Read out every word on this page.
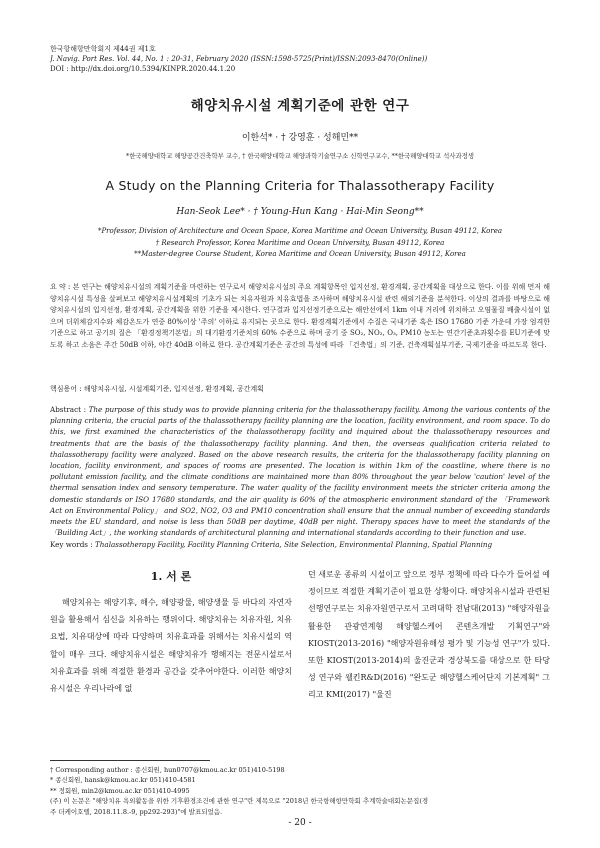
한국항해항만학회지 제44권 제1호
J. Navig. Port Res. Vol. 44, No. 1 : 20-31, February 2020 (ISSN:1598-5725(Print)/ISSN:2093-8470(Online))
DOI : http://dx.doi.org/10.5394/KINPR.2020.44.1.20
해양치유시설 계획기준에 관한 연구
이한석* · † 강영훈 · 성해민**
*한국해양대학교 해양공간건축학부 교수, † 한국해양대학교 해양과학기술연구소 신학연구교수, **한국해양대학교 석사과정생
A Study on the Planning Criteria for Thalassotherapy Facility
Han-Seok Lee* · † Young-Hun Kang · Hai-Min Seong**
*Professor, Division of Architecture and Ocean Space, Korea Maritime and Ocean University, Busan 49112, Korea
† Research Professor, Korea Maritime and Ocean University, Busan 49112, Korea
**Master-degree Course Student, Korea Maritime and Ocean University, Busan 49112, Korea
요 약 : 본 연구는 해양치유시설의 계획기준을 마련하는 연구로서 해양치유시설의 주요 계획항목인 입지선정, 환경계획, 공간계획을 대상으로 한다. 이를 위해 먼저 해양치유시설 특성을 살펴보고 해양치유시설계획의 기초가 되는 치유자원과 치유효법을 조사하며 해양치유시설 관련 해외기준을 분석한다. 이상의 결과를 바탕으로 해양치유시설의 입지선정, 환경계획, 공간계획을 위한 기준을 제시한다. 연구결과 입지선정기준으로는 해안선에서 1km 이내 거리에 위치하고 오염물질 배출시설이 없으며 더위체감지수와 체감온도가 연중 80%이상 '주의' 이하로 유지되는 곳으로 한다. 환경계획기준에서 수질은 국내기준 혹은 ISO 17680 기준 가운데 가장 엄격한 기준으로 하고 공기의 질은 「환경정책기본법」의 대기환경기준치의 60% 수준으로 하며 공기 중 SO₂, NO₂, O₃, PM10 농도는 연간기준초과횟수를 EU기준에 맞도록 하고 소음은 주간 50dB 이하, 야간 40dB 이하로 한다. 공간계획기준은 공간의 특성에 따라 「건축법」의 기준, 건축계획설부기준, 국제기준을 따르도록 한다.
핵심용어 : 해양치유시설, 시설계획기준, 입지선정, 환경계획, 공간계획
Abstract : The purpose of this study was to provide planning criteria for the thalassotherapy facility. Among the various contents of the planning criteria, the crucial parts of the thalassotherapy facility planning are the location, facility environment, and room space. To do this, we first examined the characteristics of the thalassotherapy facility and inquired about the thalassotherapy resources and treatments that are the basis of the thalassotherapy facility planning. And then, the overseas qualification criteria related to thalassotherapy facility were analyzed. Based on the above research results, the criteria for the thalassotherapy facility planning on location, facility environment, and spaces of rooms are presented. The location is within 1km of the coastline, where there is no pollutant emission facility, and the climate conditions are maintained more than 80% throughout the year below 'caution' level of the thermal sensation index and sensory temperature. The water quality of the facility environment meets the stricter criteria among the domestic standards or ISO 17680 standards, and the air quality is 60% of the atmospheric environment standard of the 「Framework Act on Environmental Policy」 and SO2, NO2, O3 and PM10 concentration shall ensure that the annual number of exceeding standards meets the EU standard, and noise is less than 50dB per daytime, 40dB per night. Therapy spaces have to meet the standards of the 「Building Act」, the working standards of architectural planning and international standards according to their function and use.
Key words : Thalassotherapy Facility, Facility Planning Criteria, Site Selection, Environmental Planning, Spatial Planning
1. 서 론
해양치유는 해양기후, 해수, 해양광물, 해양생물 등 바다의 자연자원을 활용해서 심신을 치유하는 행위이다. 해양치유는 치유자원, 치유요법, 치유대상에 따라 다양하며 치유효과를 위해서는 치유시설의 역할이 매우 크다. 해양치유시설은 해양치유가 행해지는 전문시설로서 치유효과를 위해 적절한 환경과 공간을 갖추어야한다. 이러한 해양치유시설은 우리나라에 없
던 새로운 종류의 시설이고 앞으로 정부 정책에 따라 다수가 들어설 예정이므로 적절한 계획기준이 필요한 상황이다. 해양치유시설과 관련된 선행연구로는 치유자원연구로서 고려대학 전남대(2013) "해양자원을 활용한 관광연계형 해양헬스케어 콘텐츠개발 기획연구"와 KIOST(2013-2016) "해양자원유해성 평가 및 기능성 연구"가 있다. 또한 KIOST(2013-2014)의 울진군과 경상북도를 대상으로 한 타당성 연구와 웰킨R&D(2016) "완도군 해양헬스케어단지 기본계획" 그리고 KMI(2017) "울진
† Corresponding author : 종신회원, hun0707@kmou.ac.kr 051)410-5198
* 종신회원, hansk@kmou.ac.kr 051)410-4581
** 정회원, min2@kmou.ac.kr 051)410-4995
(주) 이 논문은 "해양치유 욕외활동을 위한 기후환경조건에 관한 연구"란 제목으로 "2018년 한국항해항만학회 추계학술대회논문집(경
주 더케이호텔, 2018.11.8.-9, pp292-293)"에 발표되었음.
- 20 -
